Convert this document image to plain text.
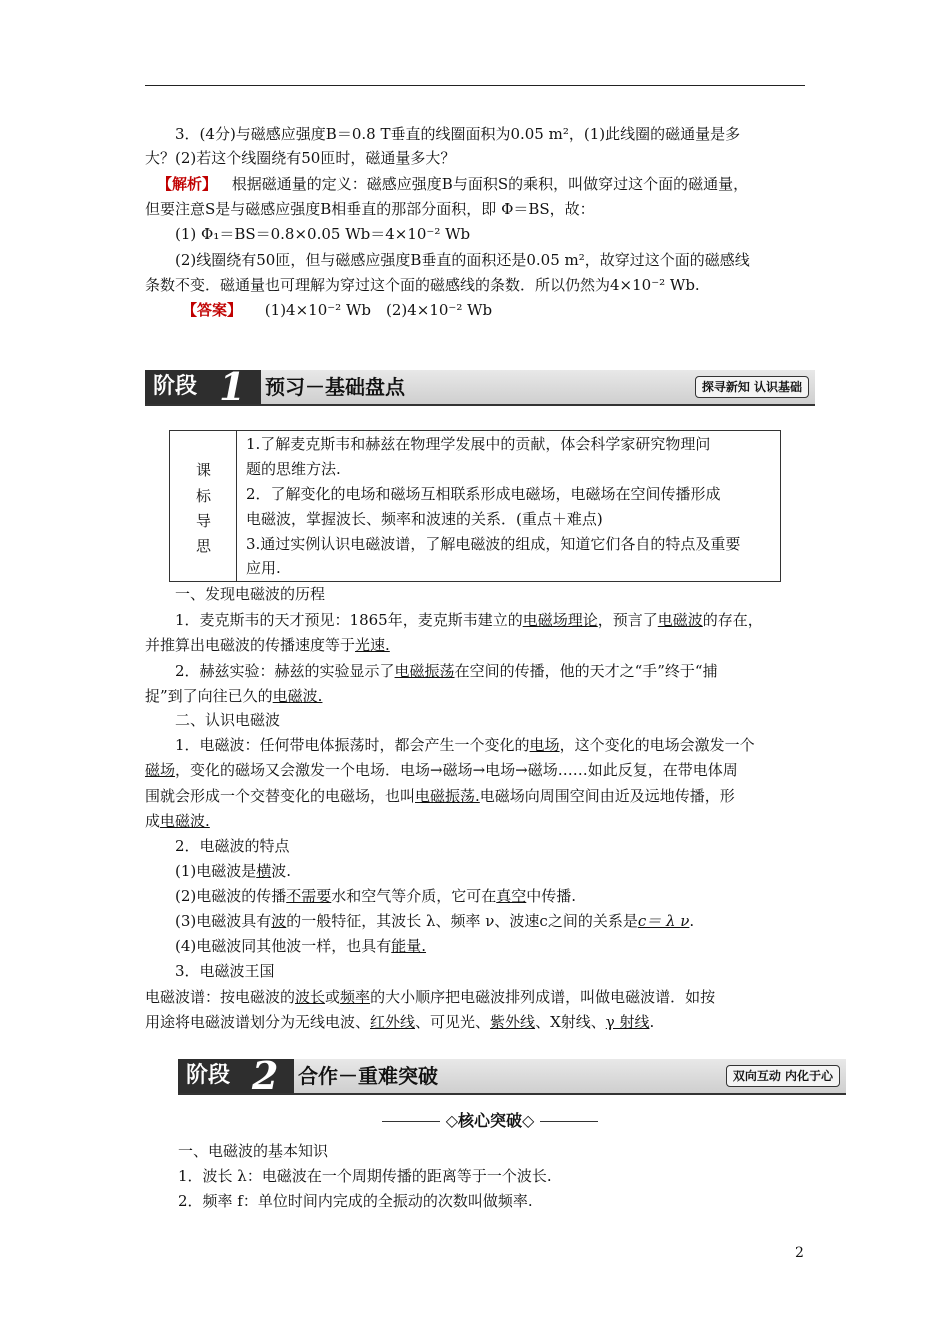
3．(4分)与磁感应强度B＝0.8 T垂直的线圈面积为0.05 m²，(1)此线圈的磁通量是多
大？(2)若这个线圈绕有50匝时，磁通量多大？
【解析】 根据磁通量的定义：磁感应强度B与面积S的乘积，叫做穿过这个面的磁通量，
但要注意S是与磁感应强度B相垂直的那部分面积，即 Φ＝BS，故：
(1) Φ₁＝BS＝0.8×0.05 Wb＝4×10⁻² Wb
(2)线圈绕有50匝，但与磁感应强度B垂直的面积还是0.05 m²，故穿过这个面的磁感线
条数不变．磁通量也可理解为穿过这个面的磁感线的条数．所以仍然为4×10⁻² Wb.
【答案】 (1)4×10⁻² Wb　(2)4×10⁻² Wb
阶段 1 预习－基础盘点	探寻新知 认识基础
课
标
导
思
1.了解麦克斯韦和赫兹在物理学发展中的贡献，体会科学家研究物理问
题的思维方法.
2．了解变化的电场和磁场互相联系形成电磁场，电磁场在空间传播形成
电磁波，掌握波长、频率和波速的关系．(重点＋难点)
3.通过实例认识电磁波谱，了解电磁波的组成，知道它们各自的特点及重要
应用.
一、发现电磁波的历程
1．麦克斯韦的天才预见：1865年，麦克斯韦建立的电磁场理论，预言了电磁波的存在，
并推算出电磁波的传播速度等于光速.
2．赫兹实验：赫兹的实验显示了电磁振荡在空间的传播，他的天才之“手”终于“捕
捉”到了向往已久的电磁波.
二、认识电磁波
1．电磁波：任何带电体振荡时，都会产生一个变化的电场，这个变化的电场会激发一个
磁场，变化的磁场又会激发一个电场．电场→磁场→电场→磁场……如此反复，在带电体周
围就会形成一个交替变化的电磁场，也叫电磁振荡.电磁场向周围空间由近及远地传播，形
成电磁波.
2．电磁波的特点
(1)电磁波是横波.
(2)电磁波的传播不需要水和空气等介质，它可在真空中传播.
(3)电磁波具有波的一般特征，其波长 λ、频率 ν、波速c之间的关系是c＝ λ ν.
(4)电磁波同其他波一样，也具有能量.
3．电磁波王国
电磁波谱：按电磁波的波长或频率的大小顺序把电磁波排列成谱，叫做电磁波谱．如按
用途将电磁波谱划分为无线电波、红外线、可见光、紫外线、X射线、γ 射线.
阶段 2 合作－重难突破	双向互动 内化于心
◇核心突破◇
一、电磁波的基本知识
1．波长 λ：电磁波在一个周期传播的距离等于一个波长.
2．频率 f：单位时间内完成的全振动的次数叫做频率.
2
